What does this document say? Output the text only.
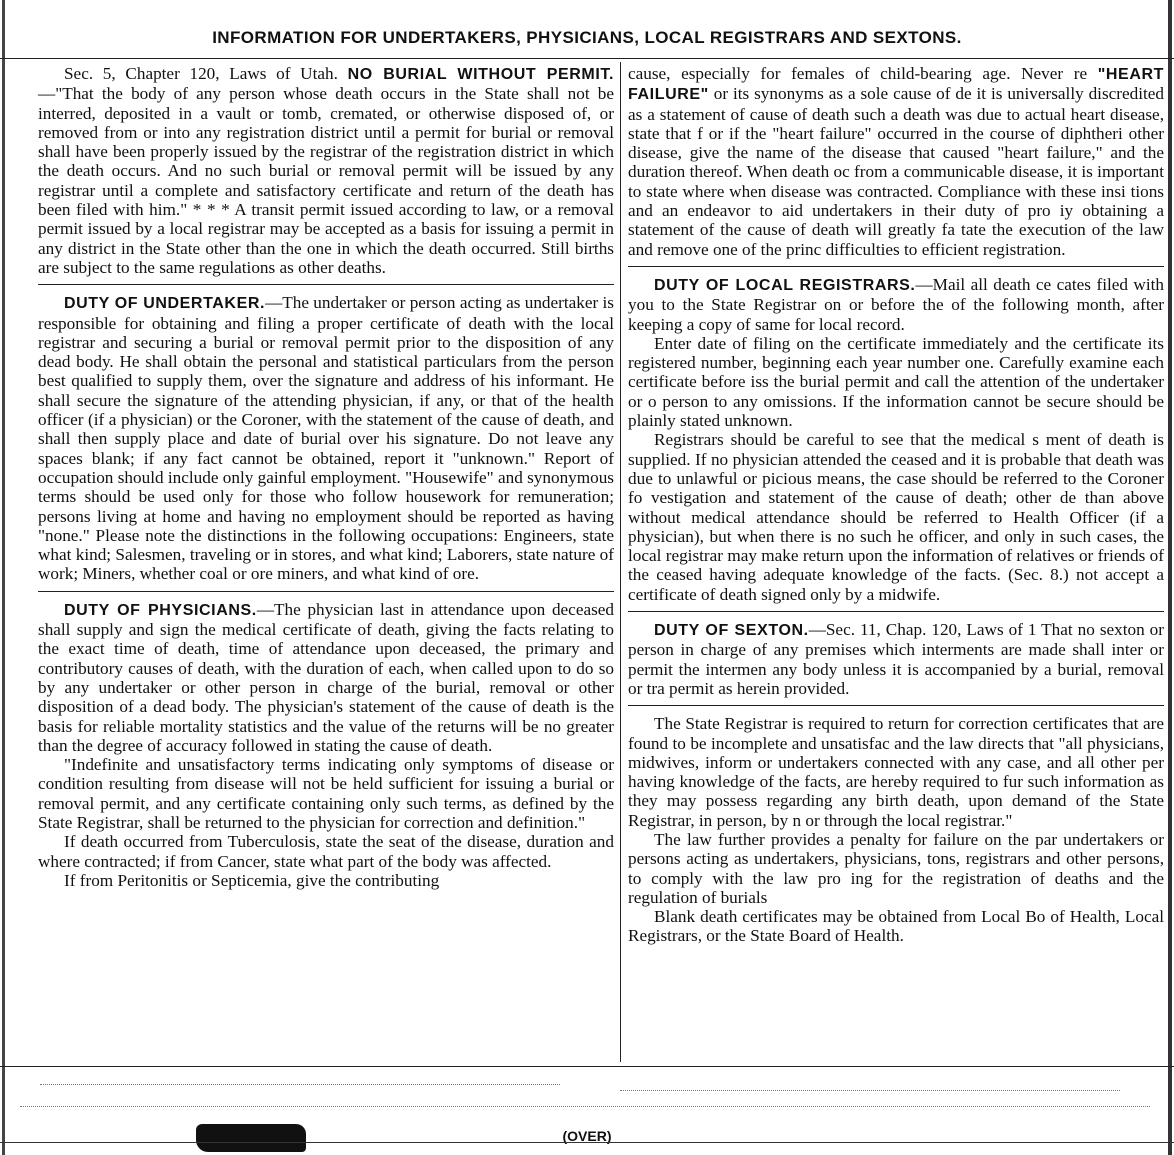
INFORMATION FOR UNDERTAKERS, PHYSICIANS, LOCAL REGISTRARS AND SEXTONS.

Sec. 5, Chapter 120, Laws of Utah. NO BURIAL WITHOUT PERMIT.—"That the body of any person whose death occurs in the State shall not be interred, deposited in a vault or tomb, cremated, or otherwise disposed of, or removed from or into any registration district until a permit for burial or removal shall have been properly issued by the registrar of the registration district in which the death occurs. And no such burial or removal permit will be issued by any registrar until a complete and satisfactory certificate and return of the death has been filed with him." * * * A transit permit issued according to law, or a removal permit issued by a local registrar may be accepted as a basis for issuing a permit in any district in the State other than the one in which the death occurred. Still births are subject to the same regulations as other deaths.

DUTY OF UNDERTAKER.—The undertaker or person acting as undertaker is responsible for obtaining and filing a proper certificate of death with the local registrar and securing a burial or removal permit prior to the disposition of any dead body. He shall obtain the personal and statistical particulars from the person best qualified to supply them, over the signature and address of his informant. He shall secure the signature of the attending physician, if any, or that of the health officer (if a physician) or the Coroner, with the statement of the cause of death, and shall then supply place and date of burial over his signature. Do not leave any spaces blank; if any fact cannot be obtained, report it "unknown." Report of occupation should include only gainful employment. "Housewife" and synonymous terms should be used only for those who follow housework for remuneration; persons living at home and having no employment should be reported as having "none." Please note the distinctions in the following occupations: Engineers, state what kind; Salesmen, traveling or in stores, and what kind; Laborers, state nature of work; Miners, whether coal or ore miners, and what kind of ore.

DUTY OF PHYSICIANS.—The physician last in attendance upon deceased shall supply and sign the medical certificate of death, giving the facts relating to the exact time of death, time of attendance upon deceased, the primary and contributory causes of death, with the duration of each, when called upon to do so by any undertaker or other person in charge of the burial, removal or other disposition of a dead body. The physician's statement of the cause of death is the basis for reliable mortality statistics and the value of the returns will be no greater than the degree of accuracy followed in stating the cause of death.

"Indefinite and unsatisfactory terms indicating only symptoms of disease or condition resulting from disease will not be held sufficient for issuing a burial or removal permit, and any certificate containing only such terms, as defined by the State Registrar, shall be returned to the physician for correction and definition."

If death occurred from Tuberculosis, state the seat of the disease, duration and where contracted; if from Cancer, state what part of the body was affected.

If from Peritonitis or Septicemia, give the contributing

cause, especially for females of child-bearing age. Never re "HEART FAILURE" or its synonyms as a sole cause of de it is universally discredited as a statement of cause of death such a death was due to actual heart disease, state that f or if the "heart failure" occurred in the course of diphtheri other disease, give the name of the disease that caused "heart failure," and the duration thereof. When death oc from a communicable disease, it is important to state where when disease was contracted. Compliance with these insi tions and an endeavor to aid undertakers in their duty of pro iy obtaining a statement of the cause of death will greatly fa tate the execution of the law and remove one of the princ difficulties to efficient registration.

DUTY OF LOCAL REGISTRARS.—Mail all death ce cates filed with you to the State Registrar on or before the of the following month, after keeping a copy of same for local record.

Enter date of filing on the certificate immediately and the certificate its registered number, beginning each year number one. Carefully examine each certificate before iss the burial permit and call the attention of the undertaker or o person to any omissions. If the information cannot be secure should be plainly stated unknown.

Registrars should be careful to see that the medical s ment of death is supplied. If no physician attended the ceased and it is probable that death was due to unlawful or picious means, the case should be referred to the Coroner fo vestigation and statement of the cause of death; other de than above without medical attendance should be referred to Health Officer (if a physician), but when there is no such he officer, and only in such cases, the local registrar may make return upon the information of relatives or friends of the ceased having adequate knowledge of the facts. (Sec. 8.) not accept a certificate of death signed only by a midwife.

DUTY OF SEXTON.—Sec. 11, Chap. 120, Laws of 1 That no sexton or person in charge of any premises which interments are made shall inter or permit the intermen any body unless it is accompanied by a burial, removal or tra permit as herein provided.

The State Registrar is required to return for correction certificates that are found to be incomplete and unsatisfac and the law directs that "all physicians, midwives, inform or undertakers connected with any case, and all other per having knowledge of the facts, are hereby required to fur such information as they may possess regarding any birth death, upon demand of the State Registrar, in person, by n or through the local registrar."

The law further provides a penalty for failure on the par undertakers or persons acting as undertakers, physicians, tons, registrars and other persons, to comply with the law pro ing for the registration of deaths and the regulation of burials

Blank death certificates may be obtained from Local Bo of Health, Local Registrars, or the State Board of Health.

(OVER)
